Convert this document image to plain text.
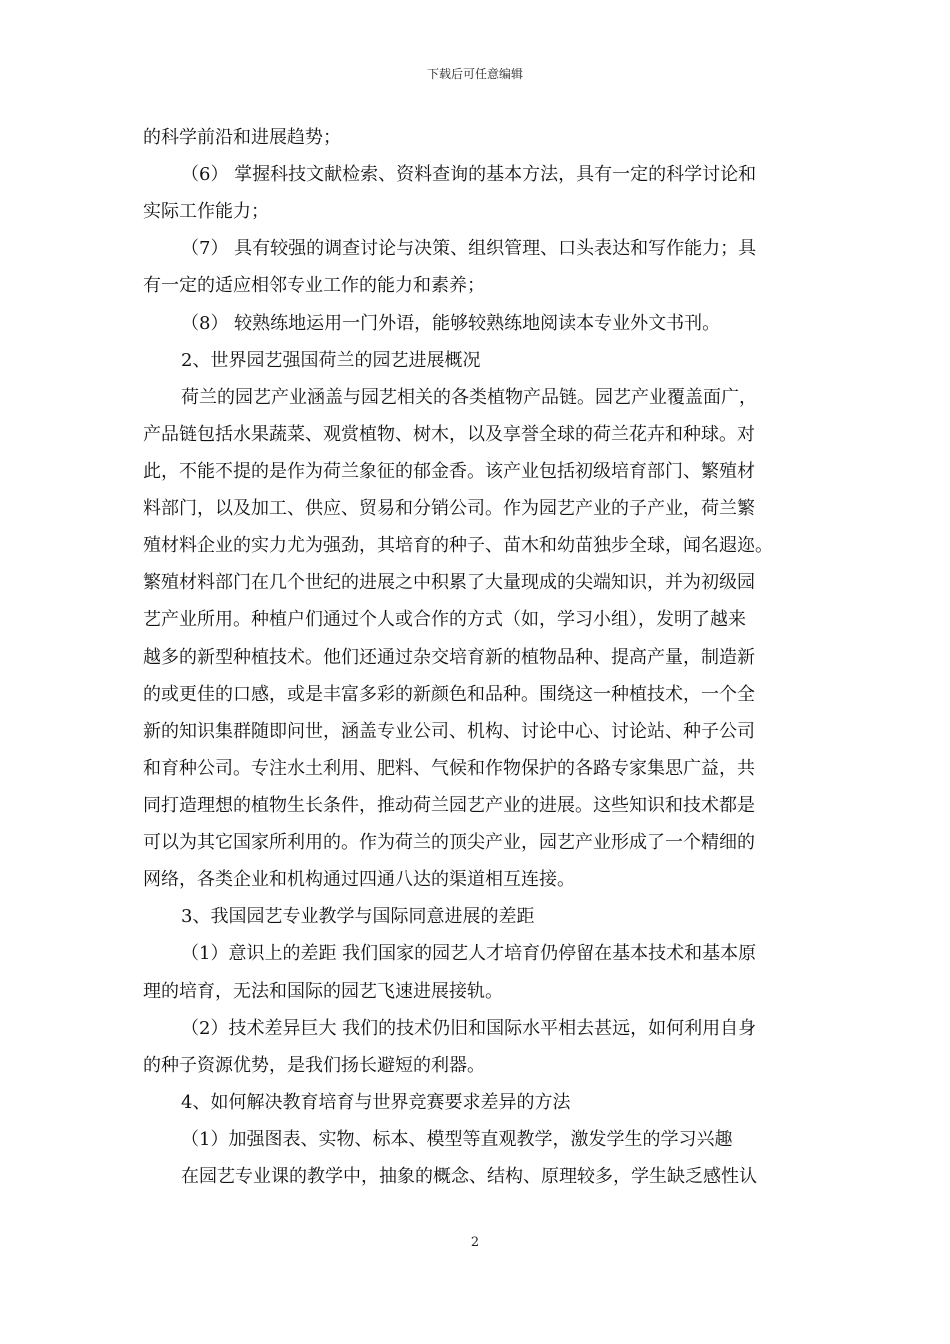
下载后可任意编辑
的科学前沿和进展趋势；
（6） 掌握科技文献检索、资料查询的基本方法，具有一定的科学讨论和
实际工作能力；
（7） 具有较强的调查讨论与决策、组织管理、口头表达和写作能力；具
有一定的适应相邻专业工作的能力和素养；
（8） 较熟练地运用一门外语，能够较熟练地阅读本专业外文书刊。
2、世界园艺强国荷兰的园艺进展概况
荷兰的园艺产业涵盖与园艺相关的各类植物产品链。园艺产业覆盖面广，
产品链包括水果蔬菜、观赏植物、树木，以及享誉全球的荷兰花卉和种球。对
此，不能不提的是作为荷兰象征的郁金香。该产业包括初级培育部门、繁殖材
料部门，以及加工、供应、贸易和分销公司。作为园艺产业的子产业，荷兰繁
殖材料企业的实力尤为强劲，其培育的种子、苗木和幼苗独步全球，闻名遐迩。
繁殖材料部门在几个世纪的进展之中积累了大量现成的尖端知识，并为初级园
艺产业所用。种植户们通过个人或合作的方式（如，学习小组），发明了越来
越多的新型种植技术。他们还通过杂交培育新的植物品种、提高产量，制造新
的或更佳的口感，或是丰富多彩的新颜色和品种。围绕这一种植技术，一个全
新的知识集群随即问世，涵盖专业公司、机构、讨论中心、讨论站、种子公司
和育种公司。专注水土利用、肥料、气候和作物保护的各路专家集思广益，共
同打造理想的植物生长条件，推动荷兰园艺产业的进展。这些知识和技术都是
可以为其它国家所利用的。作为荷兰的顶尖产业，园艺产业形成了一个精细的
网络，各类企业和机构通过四通八达的渠道相互连接。
3、我国园艺专业教学与国际同意进展的差距
（1）意识上的差距 我们国家的园艺人才培育仍停留在基本技术和基本原
理的培育，无法和国际的园艺飞速进展接轨。
（2）技术差异巨大 我们的技术仍旧和国际水平相去甚远，如何利用自身
的种子资源优势，是我们扬长避短的利器。
4、如何解决教育培育与世界竞赛要求差异的方法
（1）加强图表、实物、标本、模型等直观教学，激发学生的学习兴趣
在园艺专业课的教学中，抽象的概念、结构、原理较多，学生缺乏感性认
2
